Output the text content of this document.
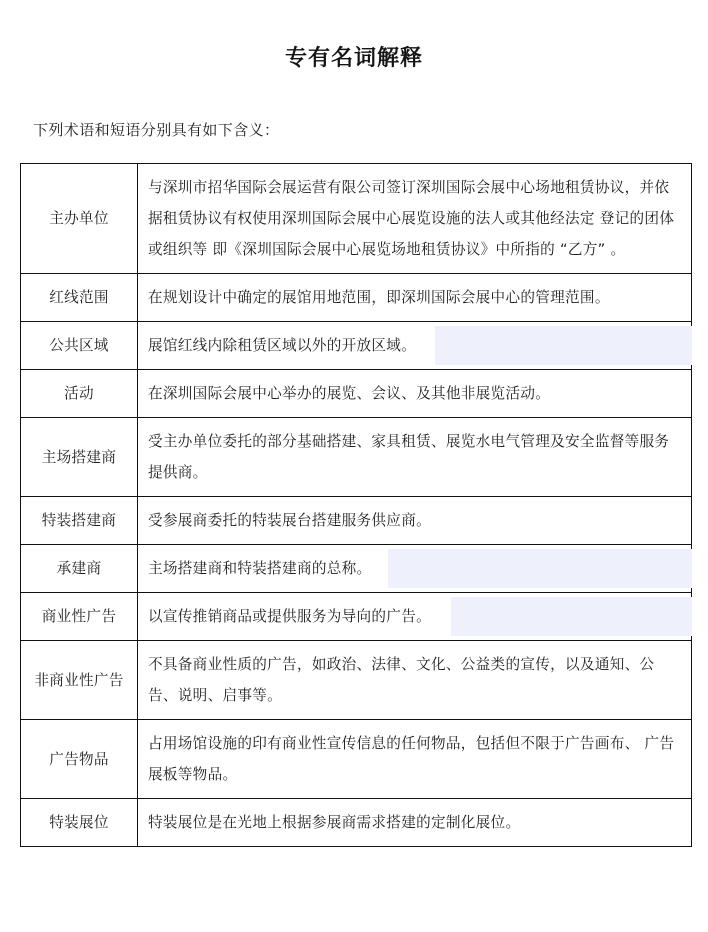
专有名词解释

下列术语和短语分别具有如下含义：

主办单位	与深圳市招华国际会展运营有限公司签订深圳国际会展中心场地租赁协议，并依据租赁协议有权使用深圳国际会展中心展览设施的法人或其他经法定 登记的团体或组织等 即《深圳国际会展中心展览场地租赁协议》中所指的 “乙方” 。

红线范围	在规划设计中确定的展馆用地范围，即深圳国际会展中心的管理范围。

公共区域	展馆红线内除租赁区域以外的开放区域。

活动	在深圳国际会展中心举办的展览、会议、及其他非展览活动。

主场搭建商	受主办单位委托的部分基础搭建、家具租赁、展览水电气管理及安全监督等服务提供商。

特装搭建商	受参展商委托的特装展台搭建服务供应商。

承建商	主场搭建商和特装搭建商的总称。

商业性广告	以宣传推销商品或提供服务为导向的广告。

非商业性广告	不具备商业性质的广告，如政治、法律、文化、公益类的宣传，以及通知、公告、说明、启事等。

广告物品	占用场馆设施的印有商业性宣传信息的任何物品，包括但不限于广告画布、 广告展板等物品。

特装展位	特装展位是在光地上根据参展商需求搭建的定制化展位。
